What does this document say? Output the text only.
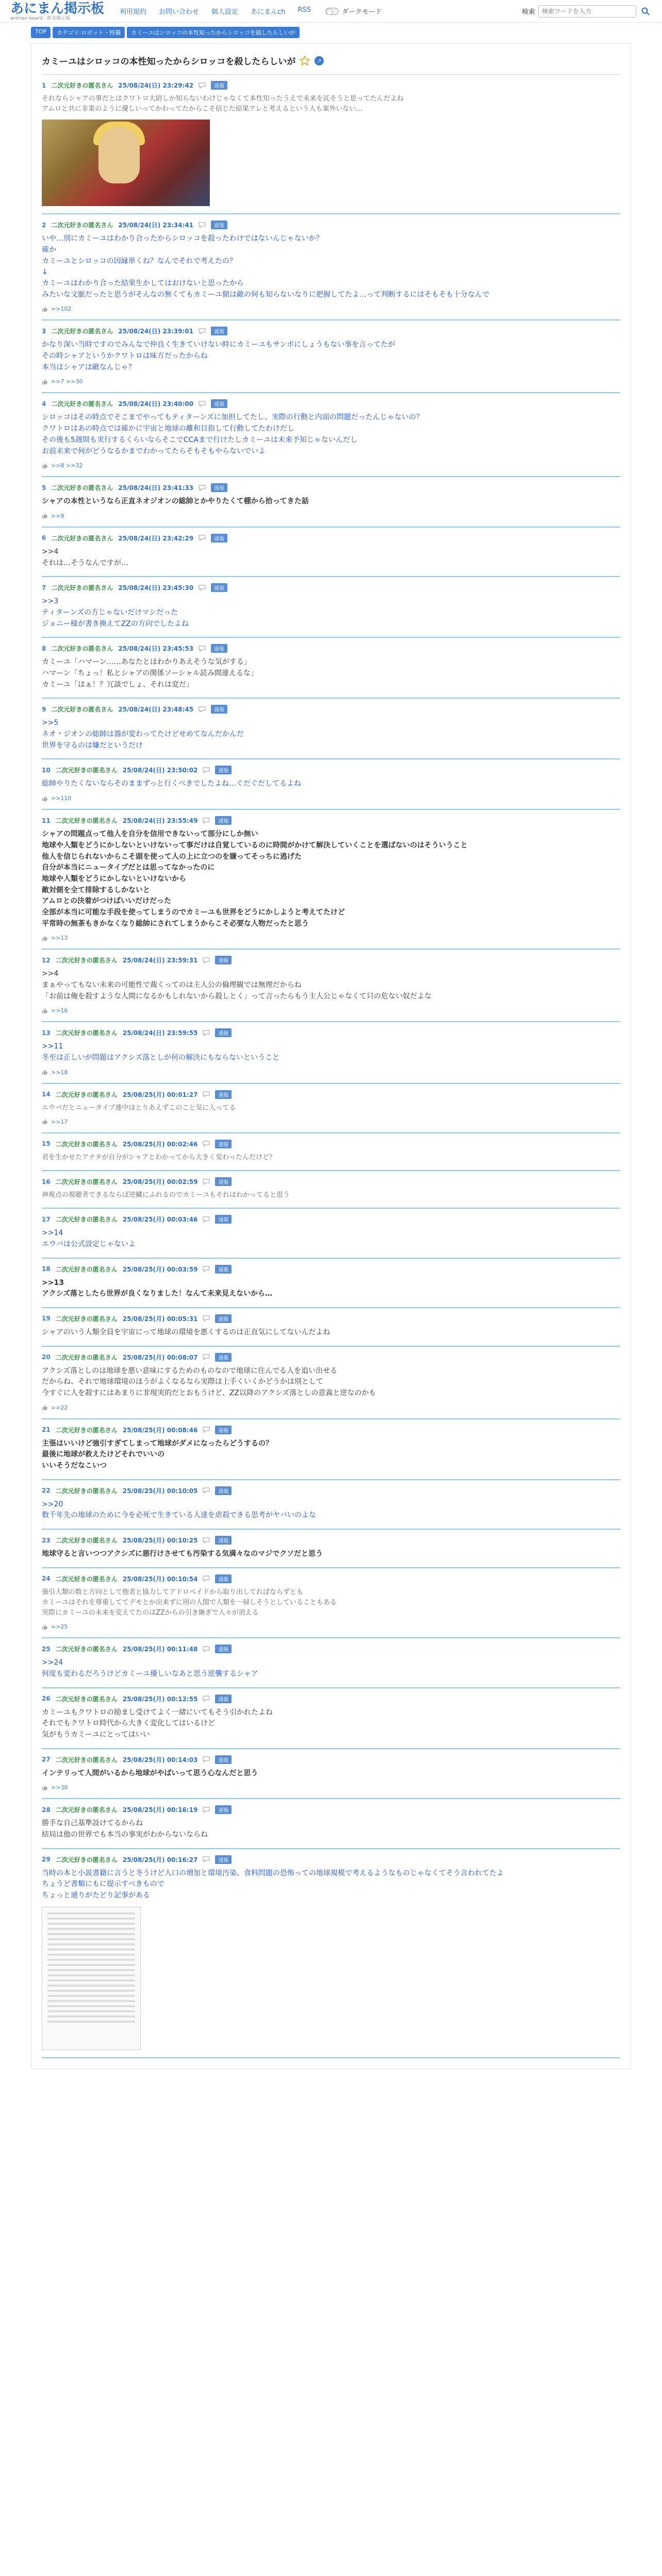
あにまん掲示板
animan board · 匿名掲示板
利用規約 お問い合わせ 個人設定 あにまんch RSS	ダークモード	検索
検索ワードを入力
TOP	カテゴリ:ロボット・特撮	カミーユはシロッコの本性知ったからシロッコを殺したらしいが
カミーユはシロッコの本性知ったからシロッコを殺したらしいが	↗
1 二次元好きの匿名さん 25/08/24(日) 23:29:42	通報
それならシャアの事だとはクワトロ大尉しか知らないわけじゃなくて本性知ったうえで未来を託そうと思ってたんだよね
アムロと共に非業のように優しいってかわってたからこそ信じた結果アレと考えるという人も案外いない…
2 二次元好きの匿名さん 25/08/24(日) 23:34:41	通報
いや…別にカミーユはわかり合ったからシロッコを殺ったわけではないんじゃないか？
確か
カミーユとシロッコの因縁単くね？なんでそれで考えたの？
↓
カミーユはわかり合った結果生かしてはおけないと思ったから
みたいな文脈だったと思うがそんなの無くてもカミーユ側は敵の何も知らないなりに把握してたよ…って判断するにはそもそも十分なんで
>>102
3 二次元好きの匿名さん 25/08/24(日) 23:39:01	通報
かなり深い当時ですのでみんなで仲良く生きていけない時にカミーユもサンボにしょうもない事を言ってたが
その時シャアというかクワトロは味方だったからね
本当はシャアは敵なんじゃ？
>>7 >>30
4 二次元好きの匿名さん 25/08/24(日) 23:40:00	通報
シロッコはその時点でそこまでやってもティターンズに加担してたし、実際の行動と内面の問題だったんじゃないの？
クワトロはあの時点では確かに宇宙と地球の離和目指して行動してたわけだし
その後も5週間も実行するくらいならそこでCCAまで行けたしカミーユは未来予知じゃないんだし
お前未来で何がどうなるかまでわかってたらそもそもやらないでいよ
>>8 >>32
5 二次元好きの匿名さん 25/08/24(日) 23:41:33	通報
シャアの本性というなら正直ネオジオンの総帥とかやりたくて棚から拾ってきた話
>>9
6 二次元好きの匿名さん 25/08/24(日) 23:42:29	通報
>>4
それは…そうなんですが…
7 二次元好きの匿名さん 25/08/24(日) 23:45:30	通報
>>3
ティターンズの方じゃないだけマシだった
ジョニー様が書き換えてZZの方向でしたよね
8 二次元好きの匿名さん 25/08/24(日) 23:45:53	通報
カミーユ「ハマーン……あなたとはわかりあえそうな気がする」
ハマーン「ちょっ！私とシャアの関係ソーシャル読み間違えるな」
カミーユ「はぁ！？冗談でしょ、それは変だ」
9 二次元好きの匿名さん 25/08/24(日) 23:48:45	通報
>>5
ネオ・ジオンの総帥は器が変わってたけどせめてなんだかんだ
世界を守るのは嫌だというだけ
10 二次元好きの匿名さん 25/08/24(日) 23:50:02	通報
総帥やりたくないならそのままずっと行くべきでしたよね…ぐだぐだしてるよね
>>110
11 二次元好きの匿名さん 25/08/24(日) 23:55:49	通報
シャアの問題点って他人を自分を信用できないって部分にしか無い
地球や人類をどうにかしないといけないって事だけは自覚しているのに時間がかけて解決していくことを選ばないのはそういうこと
他人を信じられないからこそ頭を使って人の上に立つのを嫌ってそっちに逃げた
自分が本当にニュータイプだとは思ってなかったのに
地球や人類をどうにかしないといけないから
敵対側を全て排除するしかないと
アムロとの決着がつけばいいだけだった
全部が本当に可能な手段を使ってしまうのでカミーユも世界をどうにかしようと考えてたけど
平常時の無茶もきかなくなり総帥にされてしまうからこそ必要な人物だったと思う
>>13
12 二次元好きの匿名さん 25/08/24(日) 23:59:31	通報
>>4
まぁやってもない未来の可能性で裁くってのは主人公の倫理観では無理だからね
「お前は俺を殺すような人間になるかもしれないから殺しとく」って言ったらもう主人公じゃなくて只の危ない奴だよな
>>16
13 二次元好きの匿名さん 25/08/24(日) 23:59:55	通報
>>11
冬至は正しいが問題はアクシズ落としが何の解決にもならないということ
>>18
14 二次元好きの匿名さん 25/08/25(月) 00:01:27	通報
エウバだとニュータイプ連中はとりあえずこのこと気に入ってる
>>17
15 二次元好きの匿名さん 25/08/25(月) 00:02:46	通報
君を生かせたアナタが自分がシャアとわかってから大きく変わったんだけど？
16 二次元好きの匿名さん 25/08/25(月) 00:02:59	通報
神視点の視聴者できるならば逆鱗にふれるのでカミーユもそれはわかってると思う
17 二次元好きの匿名さん 25/08/25(月) 00:03:46	通報
>>14
エウバは公式設定じゃないよ
18 二次元好きの匿名さん 25/08/25(月) 00:03:59	通報
>>13
アクシズ落としたら世界が良くなりました！なんて未来見えないから…
19 二次元好きの匿名さん 25/08/25(月) 00:05:31	通報
シャアのいう人類全員を宇宙にって地球の環境を悪くするのは正直気にしてないんだよね
20 二次元好きの匿名さん 25/08/25(月) 00:08:07	通報
アクシズ落としのは地球を悪い意味にするためのものなので地球に住んでる人を追い出せる
だからね、それで地球環境のほうがよくなるなら実際は上手くいくかどうかは別として
今すぐに人を殺すにはあまりに非現実的だとおもうけど、ZZ以降のアクシズ落としの意義と逆なのかも
>>22
21 二次元好きの匿名さん 25/08/25(月) 00:08:46	通報
主張はいいけど強引すぎてしまって地球がダメになったらどうするの？
最後に地球が救えたけどそれでいいの
いいそうだなこいつ
22 二次元好きの匿名さん 25/08/25(月) 00:10:05	通報
>>20
数千年先の地球のために今を必死で生きている人達を虐殺できる思考がヤバいのよな
23 二次元好きの匿名さん 25/08/25(月) 00:10:25	通報
地球守ると言いつつアクシズに悪行けさせても汚染する気満々なのマジでクソだと思う
24 二次元好きの匿名さん 25/08/25(月) 00:10:54	通報
強引人類の数と方向として他者と協力してアドロペイドから取り出してればならずとも
カミーユはそれを尊重しててデモとか出来ずに別の人間で人類を一掃しそうとしていることもある
実際にカミーユの未来を変えてたのはZZからの引き継ぎで人々が消える
>>25
25 二次元好きの匿名さん 25/08/25(月) 00:11:48	通報
>>24
何度も変わるだろうけどカミーユ優しいなあと思う逆襲するシャア
26 二次元好きの匿名さん 25/08/25(月) 00:12:55	通報
カミーユもクワトロの励まし受けてよく一緒にいてもそう引かれたよね
それでもクワトロ時代から大きく変化してはいるけど
気がもうカミーユにとってはいい
27 二次元好きの匿名さん 25/08/25(月) 00:14:03	通報
インテリって人間がいるから地球がやばいって思う心なんだと思う
>>30
28 二次元好きの匿名さん 25/08/25(月) 00:16:19	通報
勝手な自己基準設けてるからね
結局は他の世界でも本当の事実がわからないならね
29 二次元好きの匿名さん 25/08/25(月) 00:16:27	通報
当時の本と小説書籍に言うと冬うけど人口の増加と環境汚染、食料問題の恐怖っての地球規模で考えるようなものじゃなくてそう言われてたよ
ちょうど書類にもに提示すべきもので
ちょっと通りがたどり記事がある
